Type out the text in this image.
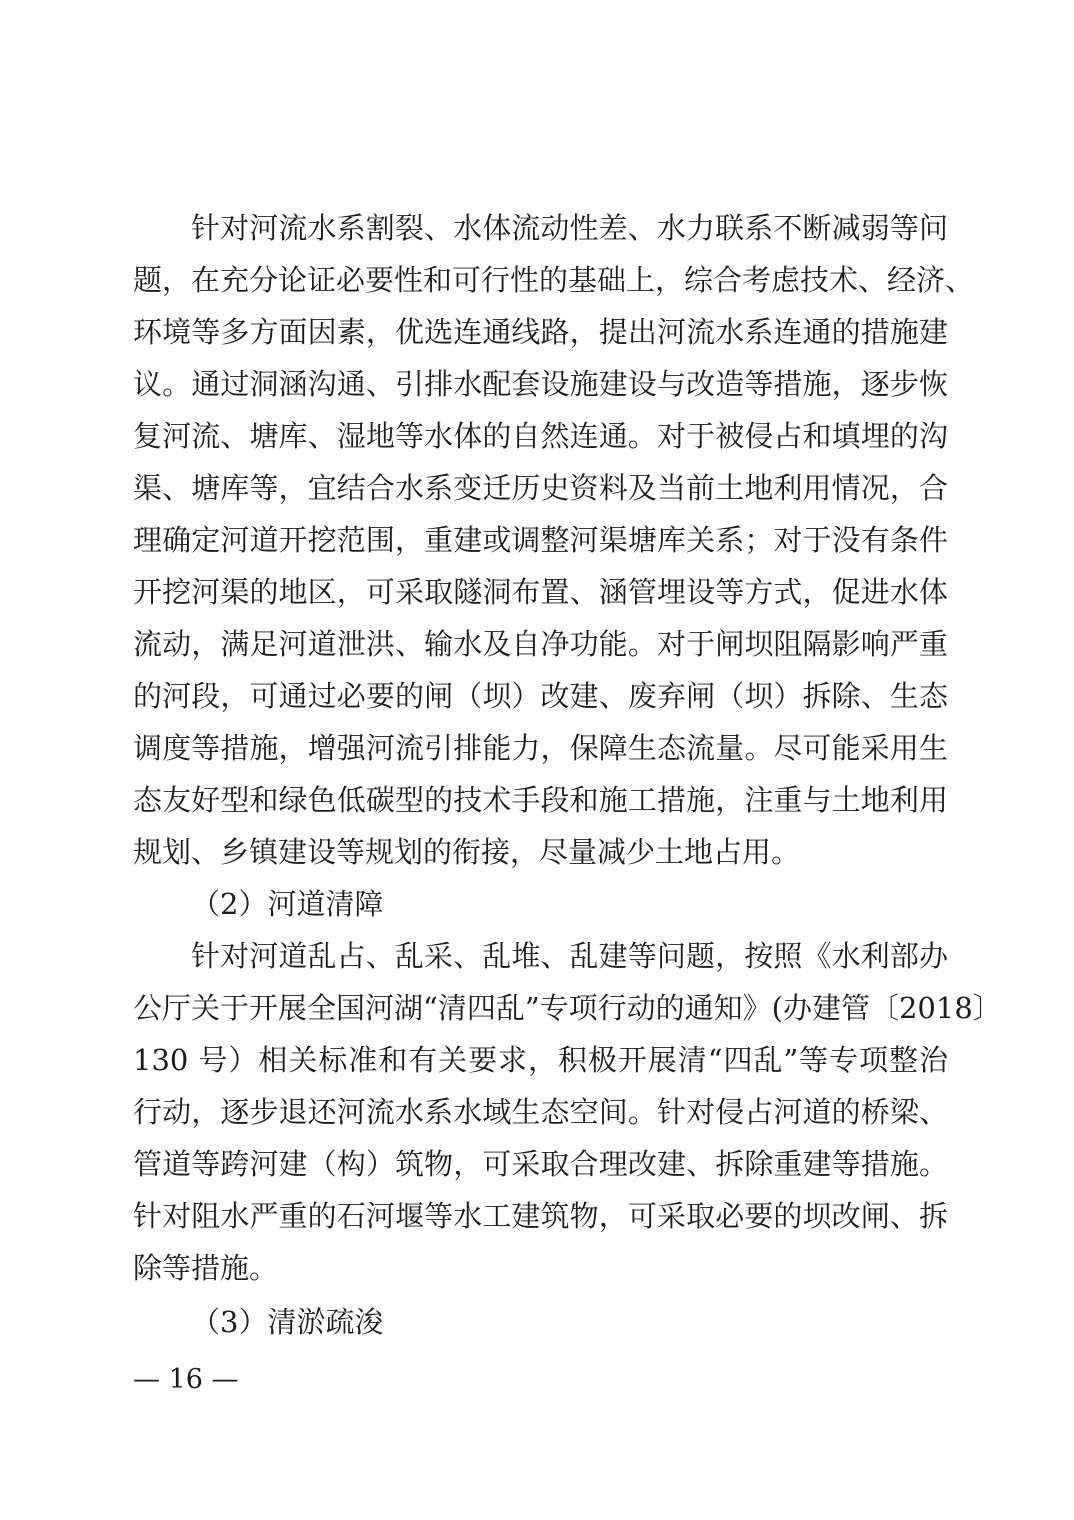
针对河流水系割裂、水体流动性差、水力联系不断减弱等问
题，在充分论证必要性和可行性的基础上，综合考虑技术、经济、
环境等多方面因素，优选连通线路，提出河流水系连通的措施建
议。通过洞涵沟通、引排水配套设施建设与改造等措施，逐步恢
复河流、塘库、湿地等水体的自然连通。对于被侵占和填埋的沟
渠、塘库等，宜结合水系变迁历史资料及当前土地利用情况，合
理确定河道开挖范围，重建或调整河渠塘库关系；对于没有条件
开挖河渠的地区，可采取隧洞布置、涵管埋设等方式，促进水体
流动，满足河道泄洪、输水及自净功能。对于闸坝阻隔影响严重
的河段，可通过必要的闸（坝）改建、废弃闸（坝）拆除、生态
调度等措施，增强河流引排能力，保障生态流量。尽可能采用生
态友好型和绿色低碳型的技术手段和施工措施，注重与土地利用
规划、乡镇建设等规划的衔接，尽量减少土地占用。
（2）河道清障
针对河道乱占、乱采、乱堆、乱建等问题，按照《水利部办
公厅关于开展全国河湖“清四乱”专项行动的通知》(办建管〔2018〕
130 号）相关标准和有关要求，积极开展清“四乱”等专项整治
行动，逐步退还河流水系水域生态空间。针对侵占河道的桥梁、
管道等跨河建（构）筑物，可采取合理改建、拆除重建等措施。
针对阻水严重的石河堰等水工建筑物，可采取必要的坝改闸、拆
除等措施。
（3）清淤疏浚
— 16 —
